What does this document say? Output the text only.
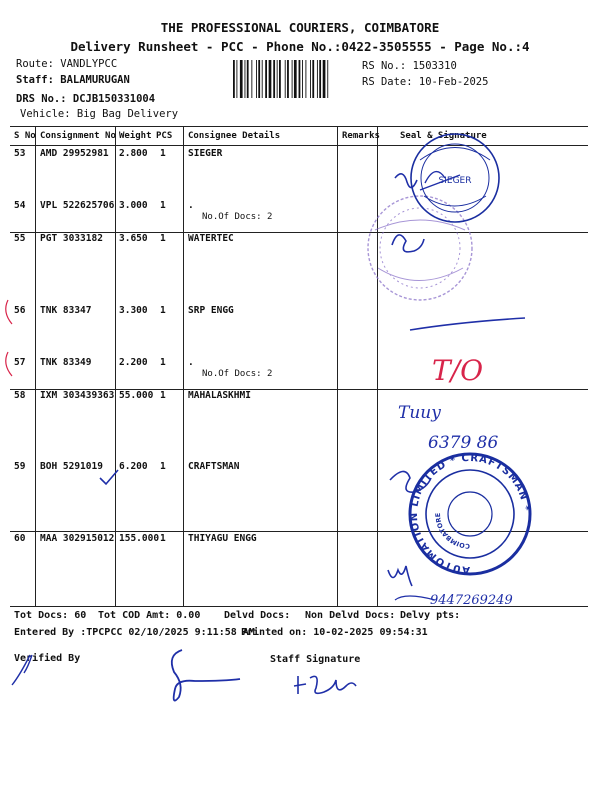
THE PROFESSIONAL COURIERS, COIMBATORE
Delivery Runsheet - PCC - Phone No.:0422-3505555 - Page No.:4
Route: VANDLYPCC
Staff: BALAMURUGAN
DRS No.: DCJB150331004
Vehicle: Big Bag Delivery
RS No.: 1503310
RS Date: 10-Feb-2025
S No Consignment No Weight PCS Consignee Details	Remarks Seal & Signature
53 AMD 29952981 2.800 1 SIEGER
54 VPL 522625706 3.000 1 .
No.Of Docs: 2
55 PGT 3033182 3.650 1 WATERTEC
56 TNK 83347	3.300 1 SRP ENGG
57 TNK 83349	2.200 1 .
No.Of Docs: 2
58 IXM 303439363 55.000 1 MAHALASKHMI
59 BOH 5291019 6.200 1 CRAFTSMAN
60 MAA 302915012 155.000 1 THIYAGU ENGG
Tot Docs: 60 Tot COD Amt: 0.00 Delvd Docs: Non Delvd Docs: Delvy pts:
Entered By :TPCPCC 02/10/2025 9:11:58 AM
Printed on: 10-02-2025 09:54:31
Verified By	Staff Signature
SIEGER
T/O
Tuuy
6379 86
AUTOMATION LIMITED * CRAFTSMAN *
COIMBATORE
9447269249
